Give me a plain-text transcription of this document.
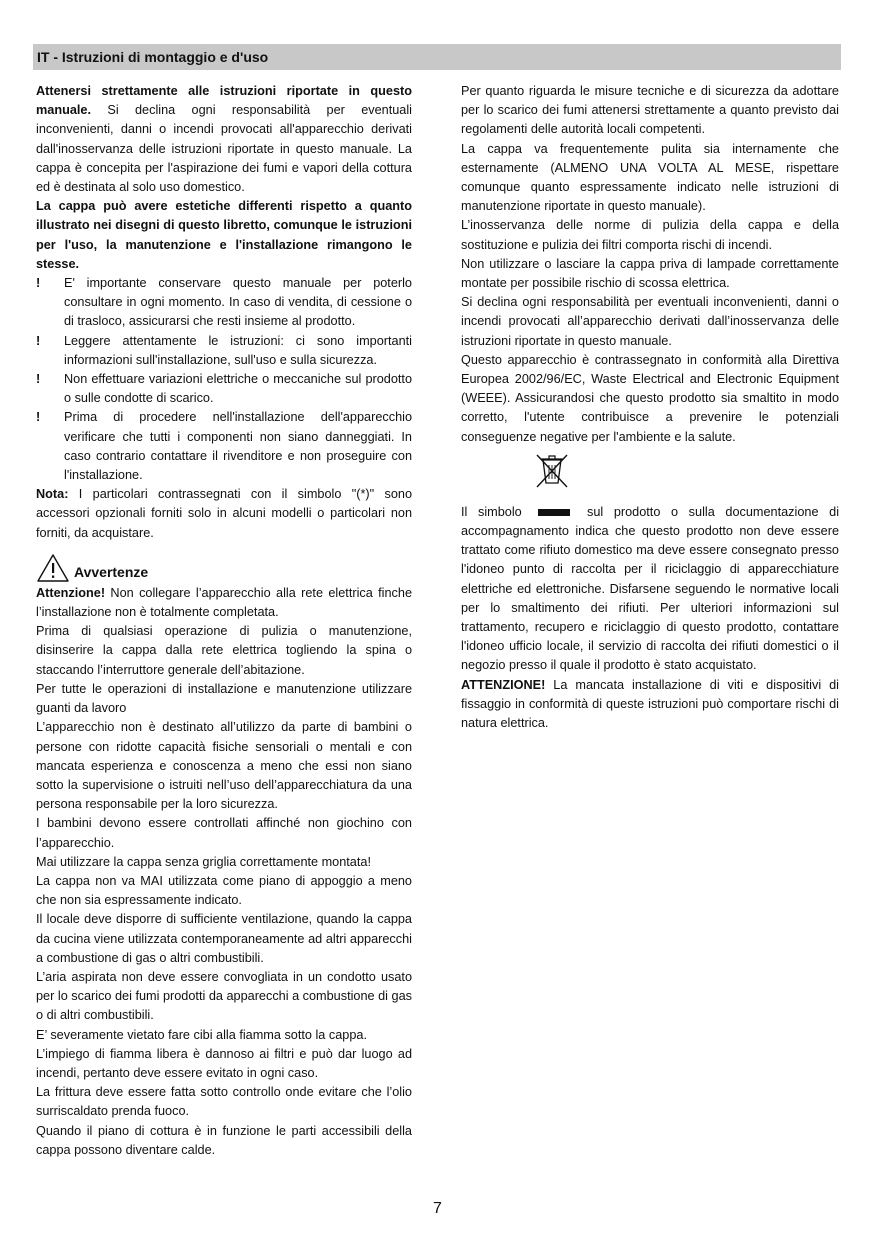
IT - Istruzioni di montaggio e d'uso

Attenersi strettamente alle istruzioni riportate in questo manuale. Si declina ogni responsabilità per eventuali inconvenienti, danni o incendi provocati all'apparecchio derivati dall'inosservanza delle istruzioni riportate in questo manuale. La cappa è concepita per l'aspirazione dei fumi e vapori della cottura ed è destinata al solo uso domestico.

La cappa può avere estetiche differenti rispetto a quanto illustrato nei disegni di questo libretto, comunque le istruzioni per l'uso, la manutenzione e l'installazione rimangono le stesse.

! E' importante conservare questo manuale per poterlo consultare in ogni momento. In caso di vendita, di cessione o di trasloco, assicurarsi che resti insieme al prodotto.

! Leggere attentamente le istruzioni: ci sono importanti informazioni sull'installazione, sull'uso e sulla sicurezza.

! Non effettuare variazioni elettriche o meccaniche sul prodotto o sulle condotte di scarico.

! Prima di procedere nell'installazione dell'apparecchio verificare che tutti i componenti non siano danneggiati. In caso contrario contattare il rivenditore e non proseguire con l'installazione.

Nota: I particolari contrassegnati con il simbolo "(*)" sono accessori opzionali forniti solo in alcuni modelli o particolari non forniti, da acquistare.

Avvertenze

Attenzione! Non collegare l’apparecchio alla rete elettrica finche l’installazione non è totalmente completata.

Prima di qualsiasi operazione di pulizia o manutenzione, disinserire la cappa dalla rete elettrica togliendo la spina o staccando l’interruttore generale dell’abitazione.

Per tutte le operazioni di installazione e manutenzione utilizzare guanti da lavoro

L’apparecchio non è destinato all’utilizzo da parte di bambini o persone con ridotte capacità fisiche sensoriali o mentali e con mancata esperienza e conoscenza a meno che essi non siano sotto la supervisione o istruiti nell’uso dell’apparecchiatura da una persona responsabile per la loro sicurezza.

I bambini devono essere controllati affinché non giochino con l’apparecchio.

Mai utilizzare la cappa senza griglia correttamente montata!

La cappa non va MAI utilizzata come piano di appoggio a meno che non sia espressamente indicato.

Il locale deve disporre di sufficiente ventilazione, quando la cappa da cucina viene utilizzata contemporaneamente ad altri apparecchi a combustione di gas o altri combustibili.

L’aria aspirata non deve essere convogliata in un condotto usato per lo scarico dei fumi prodotti da apparecchi a combustione di gas o di altri combustibili.

E’ severamente vietato fare cibi alla fiamma sotto la cappa.

L’impiego di fiamma libera è dannoso ai filtri e può dar luogo ad incendi, pertanto deve essere evitato in ogni caso.

La frittura deve essere fatta sotto controllo onde evitare che l’olio surriscaldato prenda fuoco.

Quando il piano di cottura è in funzione le parti accessibili della cappa possono diventare calde.

Per quanto riguarda le misure tecniche e di sicurezza da adottare per lo scarico dei fumi attenersi strettamente a quanto previsto dai regolamenti delle autorità locali competenti.

La cappa va frequentemente pulita sia internamente che esternamente (ALMENO UNA VOLTA AL MESE, rispettare comunque quanto espressamente indicato nelle istruzioni di manutenzione riportate in questo manuale).

L’inosservanza delle norme di pulizia della cappa e della sostituzione e pulizia dei filtri comporta rischi di incendi.

Non utilizzare o lasciare la cappa priva di lampade correttamente montate per possibile rischio di scossa elettrica.

Si declina ogni responsabilità per eventuali inconvenienti, danni o incendi provocati all’apparecchio derivati dall’inosservanza delle istruzioni riportate in questo manuale.

Questo apparecchio è contrassegnato in conformità alla Direttiva Europea 2002/96/EC, Waste Electrical and Electronic Equipment (WEEE). Assicurandosi che questo prodotto sia smaltito in modo corretto, l'utente contribuisce a prevenire le potenziali conseguenze negative per l'ambiente e la salute.

Il simbolo	sul prodotto o sulla documentazione di accompagnamento indica che questo prodotto non deve essere trattato come rifiuto domestico ma deve essere consegnato presso l'idoneo punto di raccolta per il riciclaggio di apparecchiature elettriche ed elettroniche. Disfarsene seguendo le normative locali per lo smaltimento dei rifiuti. Per ulteriori informazioni sul trattamento, recupero e riciclaggio di questo prodotto, contattare l'idoneo ufficio locale, il servizio di raccolta dei rifiuti domestici o il negozio presso il quale il prodotto è stato acquistato.

ATTENZIONE! La mancata installazione di viti e dispositivi di fissaggio in conformità di queste istruzioni può comportare rischi di natura elettrica.

7
